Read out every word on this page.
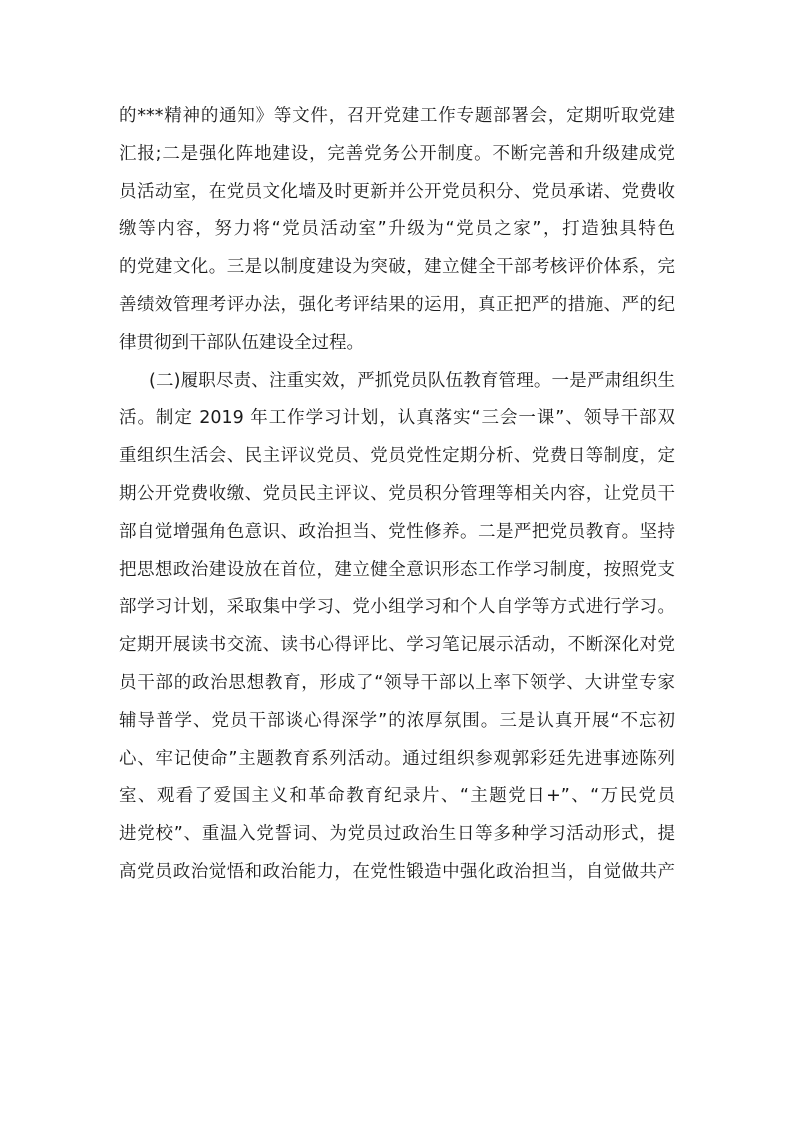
的***精神的通知》等文件，召开党建工作专题部署会，定期听取党建
汇报;二是强化阵地建设，完善党务公开制度。不断完善和升级建成党
员活动室，在党员文化墙及时更新并公开党员积分、党员承诺、党费收
缴等内容，努力将“党员活动室”升级为“党员之家”，打造独具特色
的党建文化。三是以制度建设为突破，建立健全干部考核评价体系，完
善绩效管理考评办法，强化考评结果的运用，真正把严的措施、严的纪
律贯彻到干部队伍建设全过程。
(二)履职尽责、注重实效，严抓党员队伍教育管理。一是严肃组织生
活。制定 2019 年工作学习计划，认真落实“三会一课”、领导干部双
重组织生活会、民主评议党员、党员党性定期分析、党费日等制度，定
期公开党费收缴、党员民主评议、党员积分管理等相关内容，让党员干
部自觉增强角色意识、政治担当、党性修养。二是严把党员教育。坚持
把思想政治建设放在首位，建立健全意识形态工作学习制度，按照党支
部学习计划，采取集中学习、党小组学习和个人自学等方式进行学习。
定期开展读书交流、读书心得评比、学习笔记展示活动，不断深化对党
员干部的政治思想教育，形成了“领导干部以上率下领学、大讲堂专家
辅导普学、党员干部谈心得深学”的浓厚氛围。三是认真开展“不忘初
心、牢记使命”主题教育系列活动。通过组织参观郭彩廷先进事迹陈列
室、观看了爱国主义和革命教育纪录片、“主题党日+”、“万民党员
进党校”、重温入党誓词、为党员过政治生日等多种学习活动形式，提
高党员政治觉悟和政治能力，在党性锻造中强化政治担当，自觉做共产
